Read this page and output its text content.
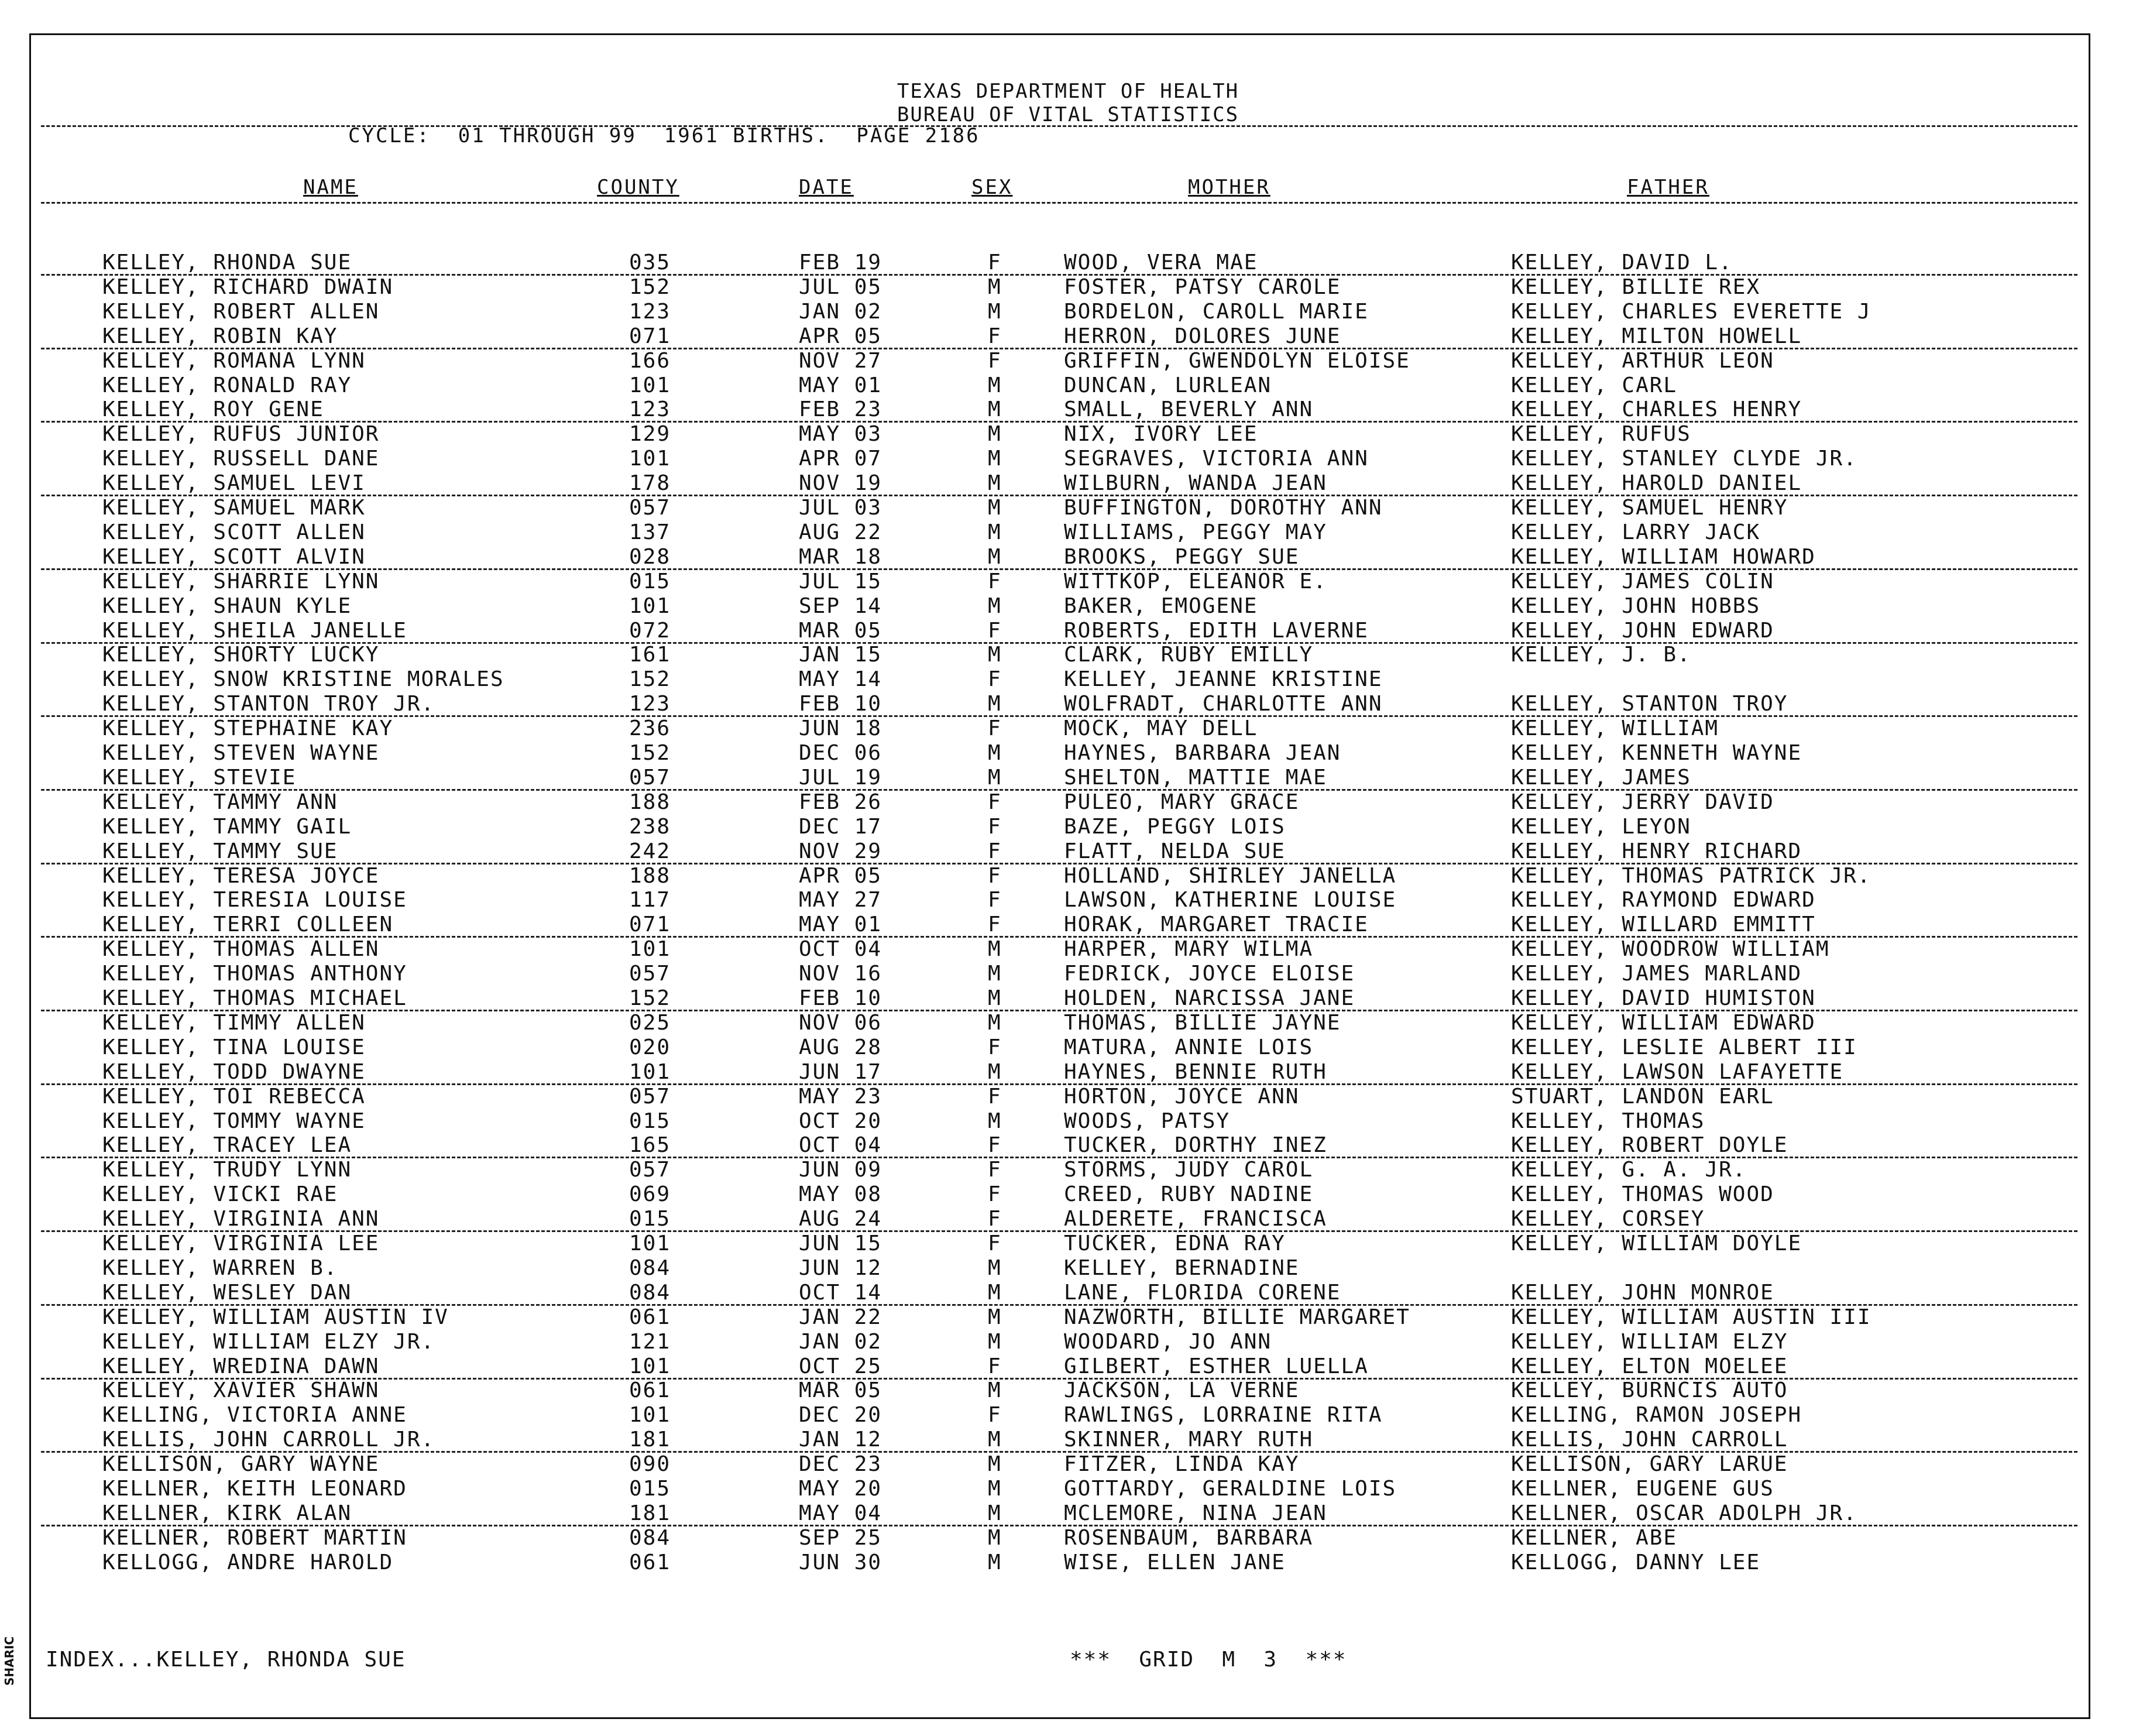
TEXAS DEPARTMENT OF HEALTH
BUREAU OF VITAL STATISTICS
CYCLE:  01 THROUGH 99  1961 BIRTHS.  PAGE 2186
NAME	COUNTY	DATE	SEX	MOTHER	FATHER
KELLEY, RHONDA SUE	035	FEB 19	F	WOOD, VERA MAE	KELLEY, DAVID L.
KELLEY, RICHARD DWAIN	152	JUL 05	M	FOSTER, PATSY CAROLE	KELLEY, BILLIE REX
KELLEY, ROBERT ALLEN	123	JAN 02	M	BORDELON, CAROLL MARIE	KELLEY, CHARLES EVERETTE J
KELLEY, ROBIN KAY	071	APR 05	F	HERRON, DOLORES JUNE	KELLEY, MILTON HOWELL
KELLEY, ROMANA LYNN	166	NOV 27	F	GRIFFIN, GWENDOLYN ELOISE	KELLEY, ARTHUR LEON
KELLEY, RONALD RAY	101	MAY 01	M	DUNCAN, LURLEAN	KELLEY, CARL
KELLEY, ROY GENE	123	FEB 23	M	SMALL, BEVERLY ANN	KELLEY, CHARLES HENRY
KELLEY, RUFUS JUNIOR	129	MAY 03	M	NIX, IVORY LEE	KELLEY, RUFUS
KELLEY, RUSSELL DANE	101	APR 07	M	SEGRAVES, VICTORIA ANN	KELLEY, STANLEY CLYDE JR.
KELLEY, SAMUEL LEVI	178	NOV 19	M	WILBURN, WANDA JEAN	KELLEY, HAROLD DANIEL
KELLEY, SAMUEL MARK	057	JUL 03	M	BUFFINGTON, DOROTHY ANN	KELLEY, SAMUEL HENRY
KELLEY, SCOTT ALLEN	137	AUG 22	M	WILLIAMS, PEGGY MAY	KELLEY, LARRY JACK
KELLEY, SCOTT ALVIN	028	MAR 18	M	BROOKS, PEGGY SUE	KELLEY, WILLIAM HOWARD
KELLEY, SHARRIE LYNN	015	JUL 15	F	WITTKOP, ELEANOR E.	KELLEY, JAMES COLIN
KELLEY, SHAUN KYLE	101	SEP 14	M	BAKER, EMOGENE	KELLEY, JOHN HOBBS
KELLEY, SHEILA JANELLE	072	MAR 05	F	ROBERTS, EDITH LAVERNE	KELLEY, JOHN EDWARD
KELLEY, SHORTY LUCKY	161	JAN 15	M	CLARK, RUBY EMILLY	KELLEY, J. B.
KELLEY, SNOW KRISTINE MORALES	152	MAY 14	F	KELLEY, JEANNE KRISTINE
KELLEY, STANTON TROY JR.	123	FEB 10	M	WOLFRADT, CHARLOTTE ANN	KELLEY, STANTON TROY
KELLEY, STEPHAINE KAY	236	JUN 18	F	MOCK, MAY DELL	KELLEY, WILLIAM
KELLEY, STEVEN WAYNE	152	DEC 06	M	HAYNES, BARBARA JEAN	KELLEY, KENNETH WAYNE
KELLEY, STEVIE	057	JUL 19	M	SHELTON, MATTIE MAE	KELLEY, JAMES
KELLEY, TAMMY ANN	188	FEB 26	F	PULEO, MARY GRACE	KELLEY, JERRY DAVID
KELLEY, TAMMY GAIL	238	DEC 17	F	BAZE, PEGGY LOIS	KELLEY, LEYON
KELLEY, TAMMY SUE	242	NOV 29	F	FLATT, NELDA SUE	KELLEY, HENRY RICHARD
KELLEY, TERESA JOYCE	188	APR 05	F	HOLLAND, SHIRLEY JANELLA	KELLEY, THOMAS PATRICK JR.
KELLEY, TERESIA LOUISE	117	MAY 27	F	LAWSON, KATHERINE LOUISE	KELLEY, RAYMOND EDWARD
KELLEY, TERRI COLLEEN	071	MAY 01	F	HORAK, MARGARET TRACIE	KELLEY, WILLARD EMMITT
KELLEY, THOMAS ALLEN	101	OCT 04	M	HARPER, MARY WILMA	KELLEY, WOODROW WILLIAM
KELLEY, THOMAS ANTHONY	057	NOV 16	M	FEDRICK, JOYCE ELOISE	KELLEY, JAMES MARLAND
KELLEY, THOMAS MICHAEL	152	FEB 10	M	HOLDEN, NARCISSA JANE	KELLEY, DAVID HUMISTON
KELLEY, TIMMY ALLEN	025	NOV 06	M	THOMAS, BILLIE JAYNE	KELLEY, WILLIAM EDWARD
KELLEY, TINA LOUISE	020	AUG 28	F	MATURA, ANNIE LOIS	KELLEY, LESLIE ALBERT III
KELLEY, TODD DWAYNE	101	JUN 17	M	HAYNES, BENNIE RUTH	KELLEY, LAWSON LAFAYETTE
KELLEY, TOI REBECCA	057	MAY 23	F	HORTON, JOYCE ANN	STUART, LANDON EARL
KELLEY, TOMMY WAYNE	015	OCT 20	M	WOODS, PATSY	KELLEY, THOMAS
KELLEY, TRACEY LEA	165	OCT 04	F	TUCKER, DORTHY INEZ	KELLEY, ROBERT DOYLE
KELLEY, TRUDY LYNN	057	JUN 09	F	STORMS, JUDY CAROL	KELLEY, G. A. JR.
KELLEY, VICKI RAE	069	MAY 08	F	CREED, RUBY NADINE	KELLEY, THOMAS WOOD
KELLEY, VIRGINIA ANN	015	AUG 24	F	ALDERETE, FRANCISCA	KELLEY, CORSEY
KELLEY, VIRGINIA LEE	101	JUN 15	F	TUCKER, EDNA RAY	KELLEY, WILLIAM DOYLE
KELLEY, WARREN B.	084	JUN 12	M	KELLEY, BERNADINE
KELLEY, WESLEY DAN	084	OCT 14	M	LANE, FLORIDA CORENE	KELLEY, JOHN MONROE
KELLEY, WILLIAM AUSTIN IV	061	JAN 22	M	NAZWORTH, BILLIE MARGARET	KELLEY, WILLIAM AUSTIN III
KELLEY, WILLIAM ELZY JR.	121	JAN 02	M	WOODARD, JO ANN	KELLEY, WILLIAM ELZY
KELLEY, WREDINA DAWN	101	OCT 25	F	GILBERT, ESTHER LUELLA	KELLEY, ELTON MOELEE
KELLEY, XAVIER SHAWN	061	MAR 05	M	JACKSON, LA VERNE	KELLEY, BURNCIS AUTO
KELLING, VICTORIA ANNE	101	DEC 20	F	RAWLINGS, LORRAINE RITA	KELLING, RAMON JOSEPH
KELLIS, JOHN CARROLL JR.	181	JAN 12	M	SKINNER, MARY RUTH	KELLIS, JOHN CARROLL
KELLISON, GARY WAYNE	090	DEC 23	M	FITZER, LINDA KAY	KELLISON, GARY LARUE
KELLNER, KEITH LEONARD	015	MAY 20	M	GOTTARDY, GERALDINE LOIS	KELLNER, EUGENE GUS
KELLNER, KIRK ALAN	181	MAY 04	M	MCLEMORE, NINA JEAN	KELLNER, OSCAR ADOLPH JR.
KELLNER, ROBERT MARTIN	084	SEP 25	M	ROSENBAUM, BARBARA	KELLNER, ABE
KELLOGG, ANDRE HAROLD	061	JUN 30	M	WISE, ELLEN JANE	KELLOGG, DANNY LEE
INDEX...KELLEY, RHONDA SUE	***  GRID  M  3  ***
SHARIC
